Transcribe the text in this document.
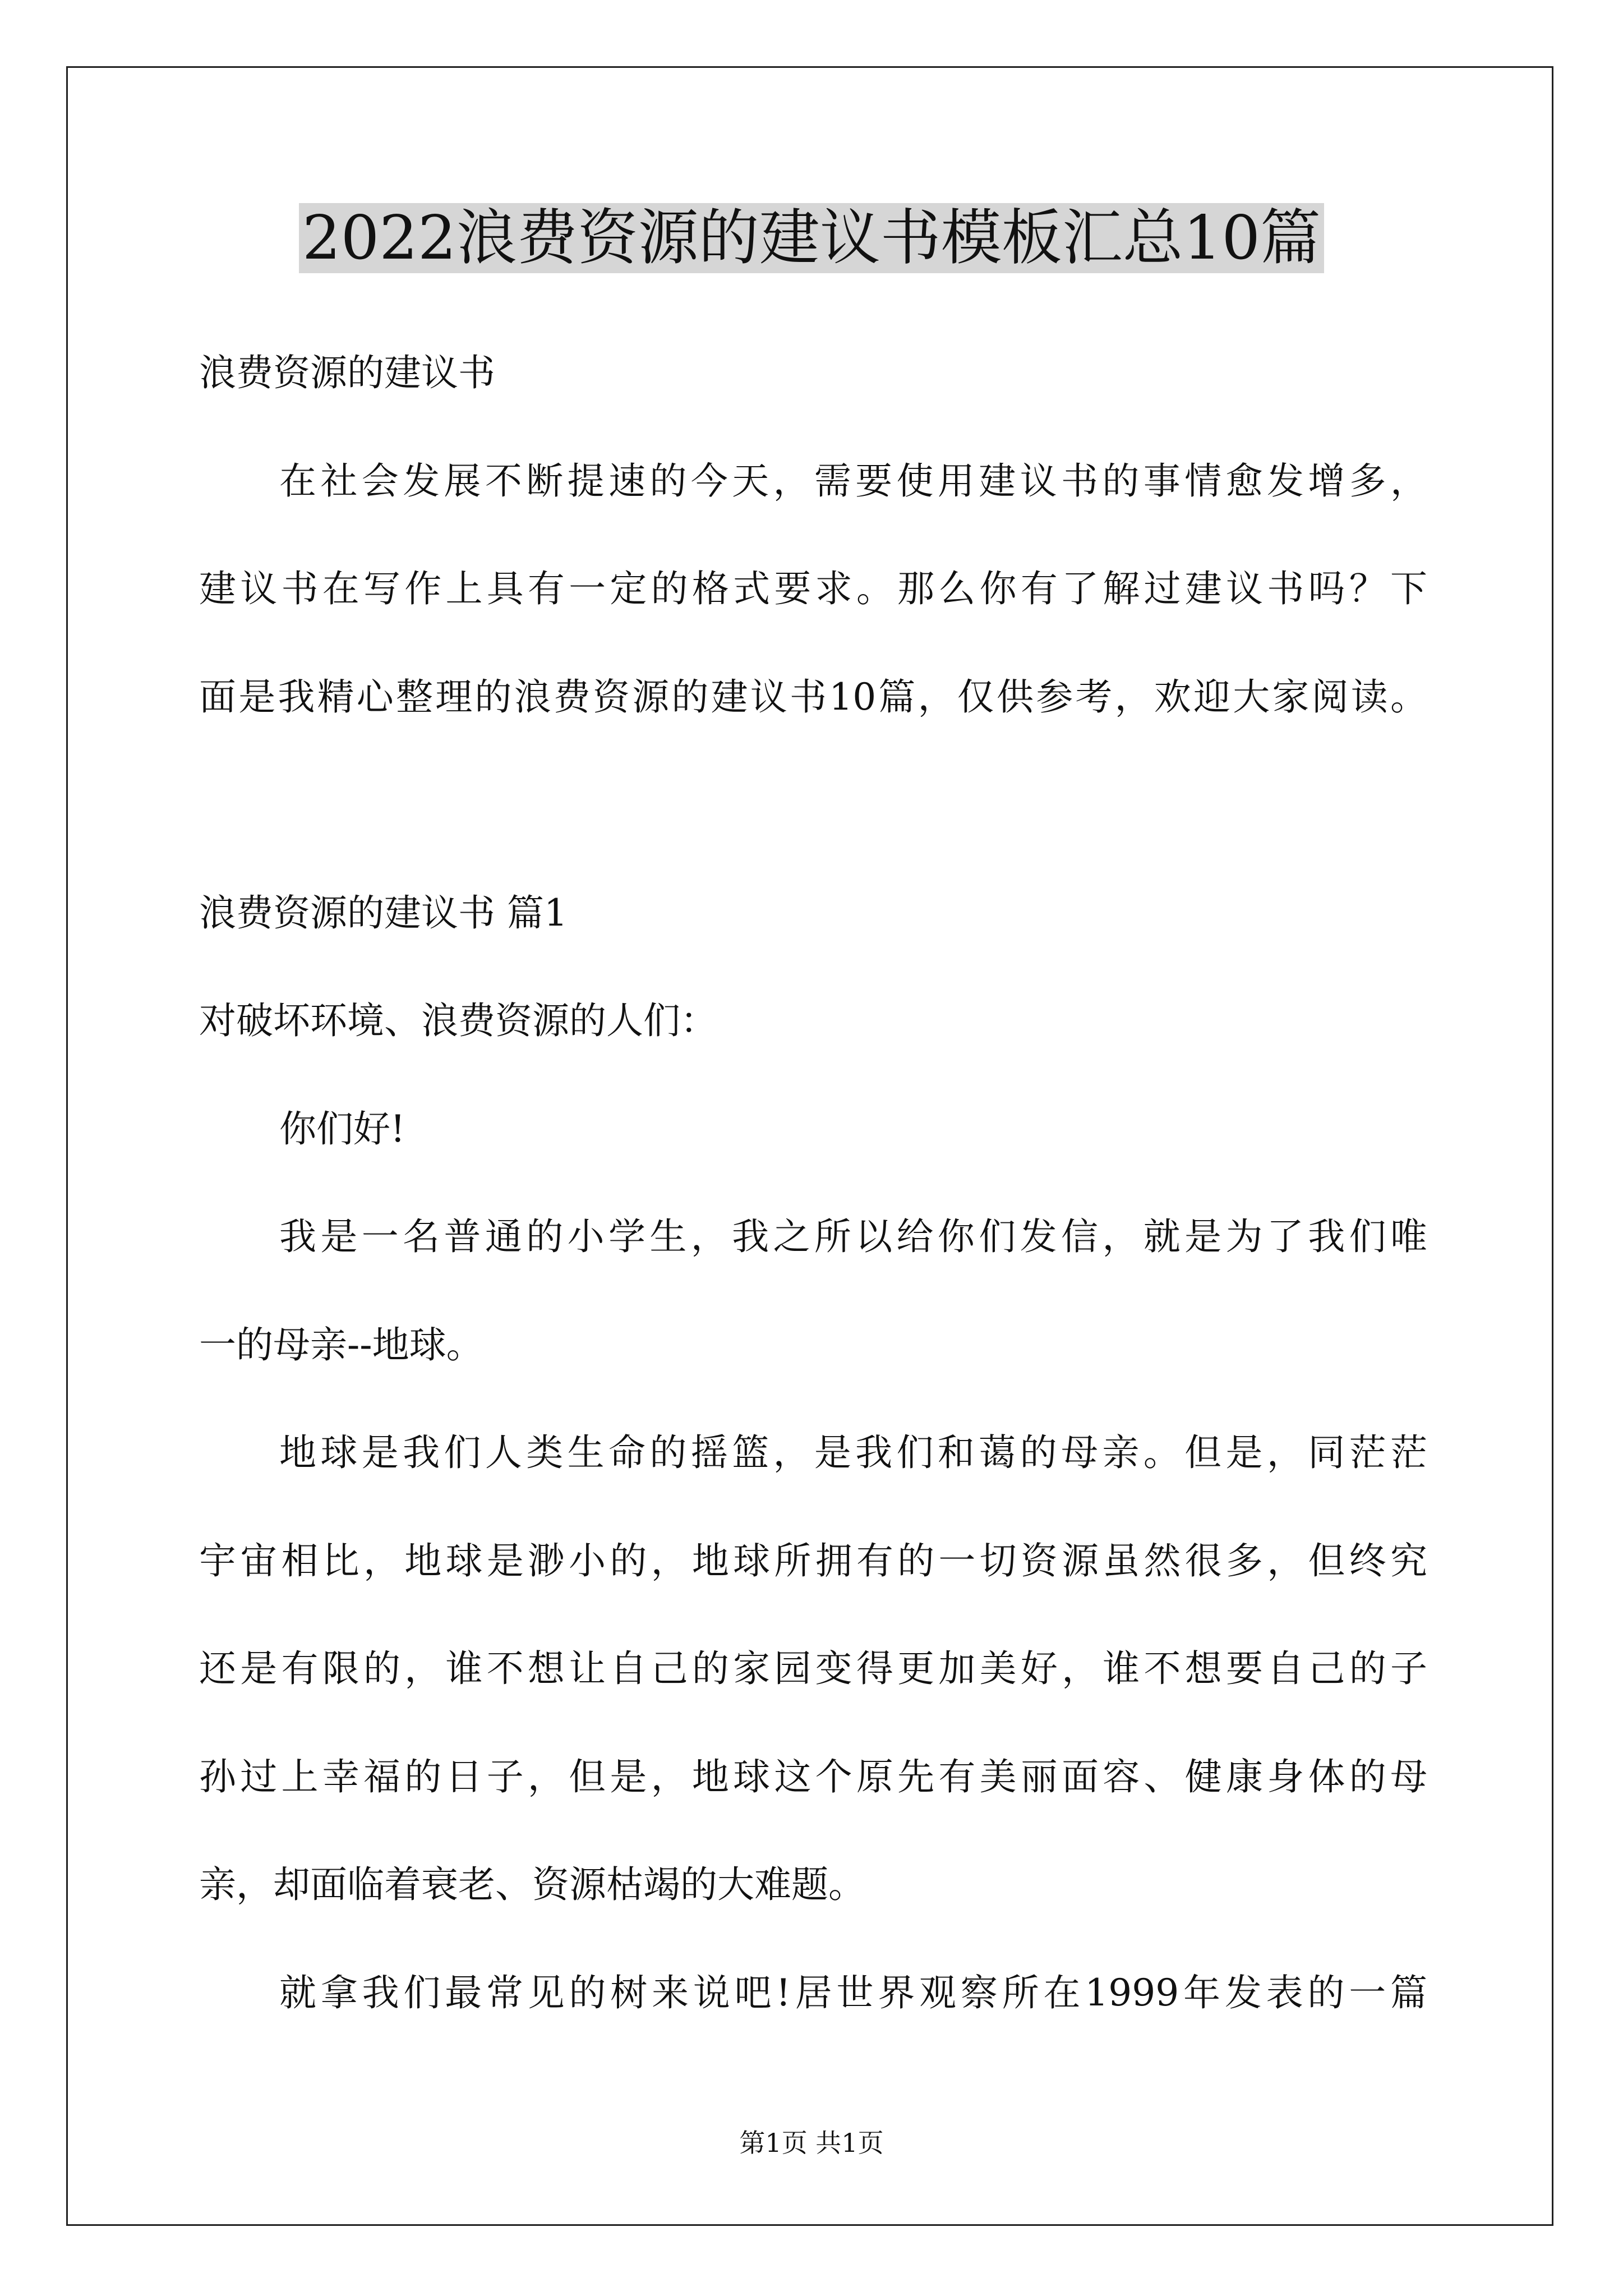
2022浪费资源的建议书模板汇总10篇
浪费资源的建议书
在社会发展不断提速的今天，需要使用建议书的事情愈发增多，
建议书在写作上具有一定的格式要求。那么你有了解过建议书吗？下
面是我精心整理的浪费资源的建议书10篇，仅供参考，欢迎大家阅读。
浪费资源的建议书 篇1
对破坏环境、浪费资源的人们：
你们好!
我是一名普通的小学生，我之所以给你们发信，就是为了我们唯
一的母亲--地球。
地球是我们人类生命的摇篮，是我们和蔼的母亲。但是，同茫茫
宇宙相比，地球是渺小的，地球所拥有的一切资源虽然很多，但终究
还是有限的，谁不想让自己的家园变得更加美好，谁不想要自己的子
孙过上幸福的日子，但是，地球这个原先有美丽面容、健康身体的母
亲，却面临着衰老、资源枯竭的大难题。
就拿我们最常见的树来说吧!居世界观察所在1999年发表的一篇
第1页 共1页
